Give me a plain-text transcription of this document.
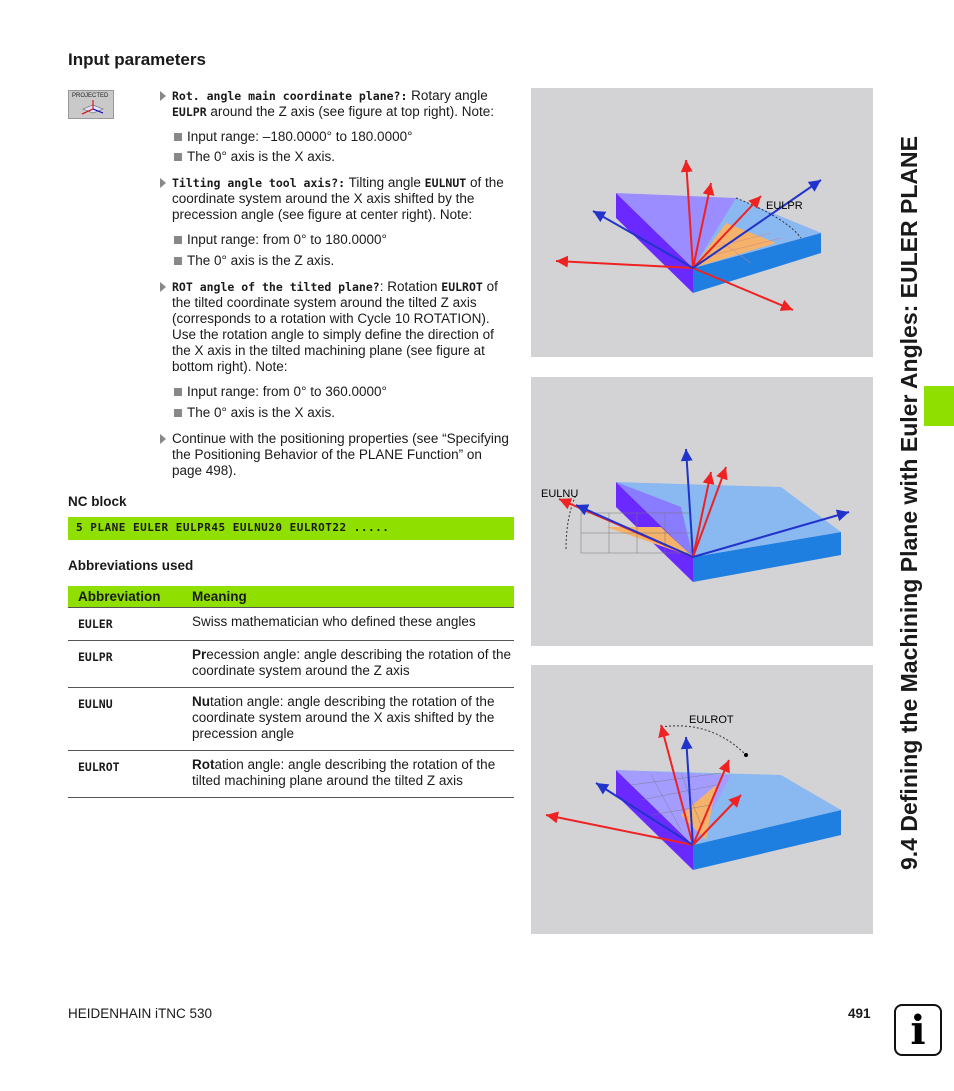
Input parameters
PROJECTED	Rot. angle main coordinate plane?: Rotary angle EULPR around the Z axis (see figure at top right). Note:
Input range: –180.0000° to 180.0000°
The 0° axis is the X axis.
Tilting angle tool axis?: Tilting angle EULNUT of the coordinate system around the X axis shifted by the precession angle (see figure at center right). Note:
Input range: from 0° to 180.0000°
The 0° axis is the Z axis.
ROT angle of the tilted plane?: Rotation EULROT of the tilted coordinate system around the tilted Z axis (corresponds to a rotation with Cycle 10 ROTATION). Use the rotation angle to simply define the direction of the X axis in the tilted machining plane (see figure at bottom right). Note:
Input range: from 0° to 360.0000°
The 0° axis is the X axis.
Continue with the positioning properties (see “Specifying the Positioning Behavior of the PLANE Function” on page 498).
NC block
5 PLANE EULER EULPR45 EULNU20 EULROT22 .....
Abbreviations used
Abbreviation	Meaning
EULER	Swiss mathematician who defined these angles
EULPR	Precession angle: angle describing the rotation of the coordinate system around the Z axis
EULNU	Nutation angle: angle describing the rotation of the coordinate system around the X axis shifted by the precession angle
EULROT	Rotation angle: angle describing the rotation of the tilted machining plane around the tilted Z axis
EULPR
EULNU
EULROT	9.4 Defining the Machining Plane with Euler Angles: EULER PLANE
HEIDENHAIN iTNC 530	491 i
